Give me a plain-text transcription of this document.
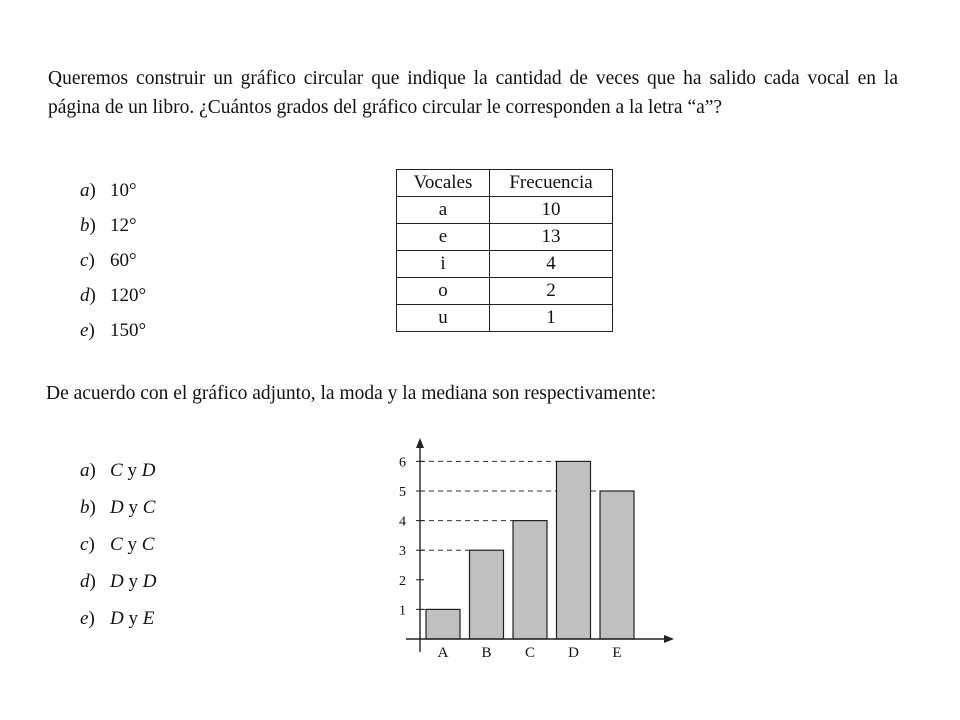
Queremos construir un gráfico circular que indique la cantidad de veces que ha salido cada vocal en la página de un libro. ¿Cuántos grados del gráfico circular le corresponden a la letra “a”?
a) 10°
b) 12°
c) 60°
d) 120°
e) 150°
Vocales	Frecuencia
a	10
e	13
i	4
o	2
u	1
De acuerdo con el gráfico adjunto, la moda y la mediana son respectivamente:
a) C y D
b) D y C
c) C y C
d) D y D
e) D y E	1
2
3
4
5
6
A B C D E
